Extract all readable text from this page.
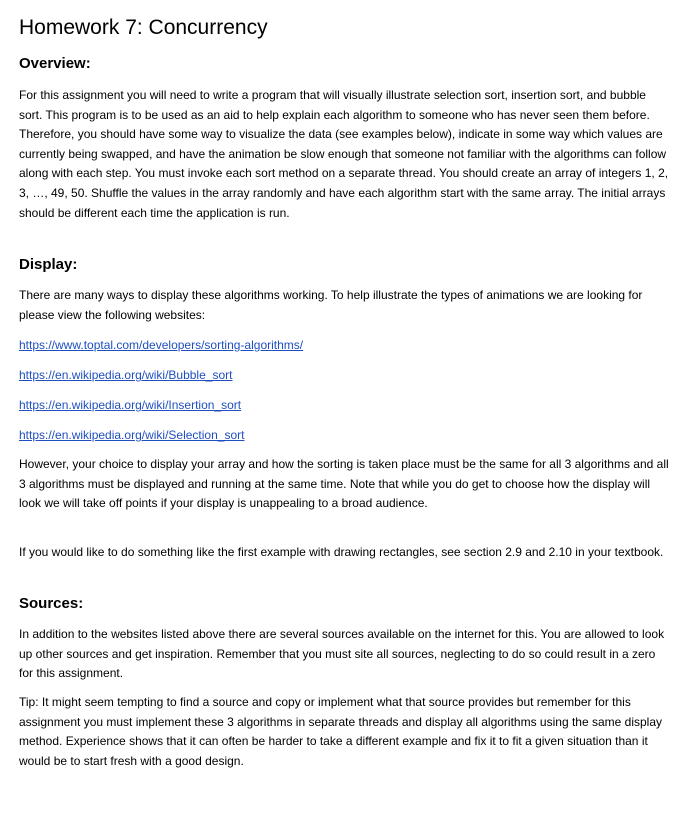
Homework 7: Concurrency
Overview:

For this assignment you will need to write a program that will visually illustrate selection sort, insertion sort, and bubble sort. This program is to be used as an aid to help explain each algorithm to someone who has never seen them before. Therefore, you should have some way to visualize the data (see examples below), indicate in some way which values are currently being swapped, and have the animation be slow enough that someone not familiar with the algorithms can follow along with each step. You must invoke each sort method on a separate thread. You should create an array of integers 1, 2, 3, …, 49, 50. Shuffle the values in the array randomly and have each algorithm start with the same array. The initial arrays should be different each time the application is run.

Display:

There are many ways to display these algorithms working. To help illustrate the types of animations we are looking for please view the following websites:

https://www.toptal.com/developers/sorting-algorithms/
https://en.wikipedia.org/wiki/Bubble_sort
https://en.wikipedia.org/wiki/Insertion_sort
https://en.wikipedia.org/wiki/Selection_sort

However, your choice to display your array and how the sorting is taken place must be the same for all 3 algorithms and all 3 algorithms must be displayed and running at the same time. Note that while you do get to choose how the display will look we will take off points if your display is unappealing to a broad audience.

If you would like to do something like the first example with drawing rectangles, see section 2.9 and 2.10 in your textbook.

Sources:

In addition to the websites listed above there are several sources available on the internet for this. You are allowed to look up other sources and get inspiration. Remember that you must site all sources, neglecting to do so could result in a zero for this assignment.

Tip: It might seem tempting to find a source and copy or implement what that source provides but remember for this assignment you must implement these 3 algorithms in separate threads and display all algorithms using the same display method. Experience shows that it can often be harder to take a different example and fix it to fit a given situation than it would be to start fresh with a good design.
